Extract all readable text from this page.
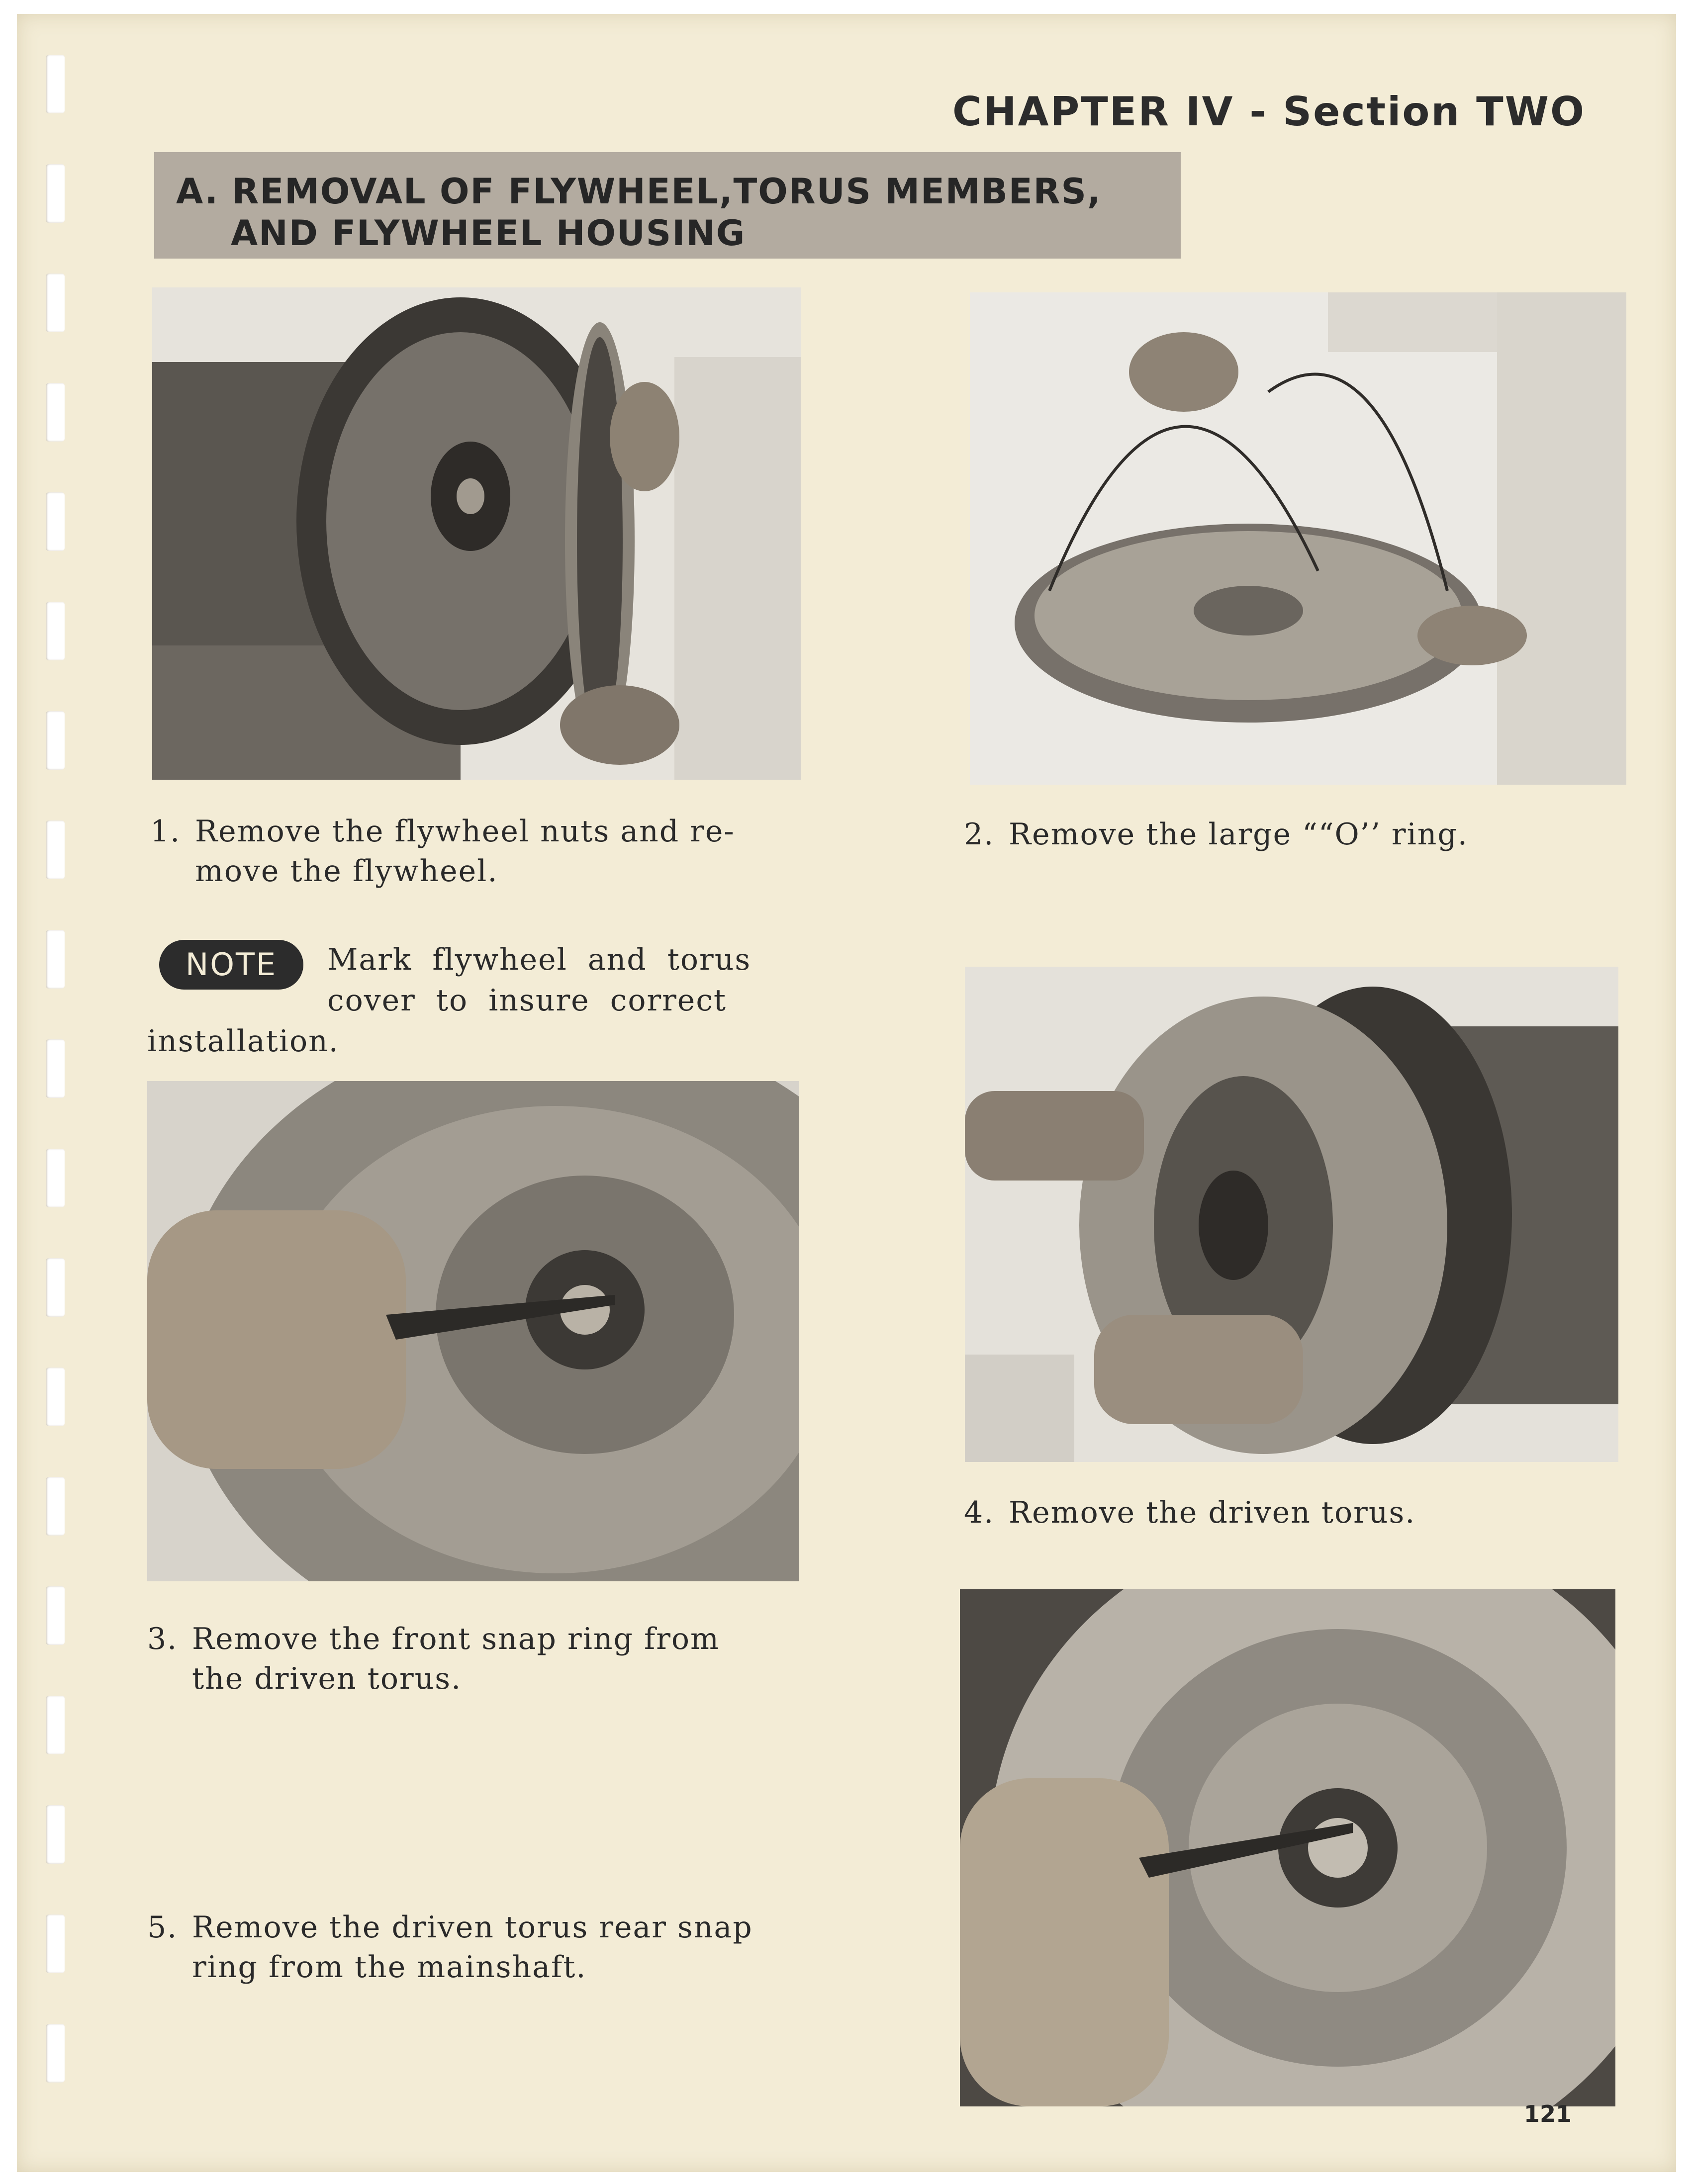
CHAPTER IV - Section TWO
A. REMOVAL OF FLYWHEEL,TORUS MEMBERS,
AND FLYWHEEL HOUSING
1. Remove the flywheel nuts and re-
move the flywheel.
2. Remove the large ““O’’ ring.
NOTE	Mark flywheel and torus
cover to insure correct
installation.
4. Remove the driven torus.
3. Remove the front snap ring from
the driven torus.
5. Remove the driven torus rear snap
ring from the mainshaft.
121
